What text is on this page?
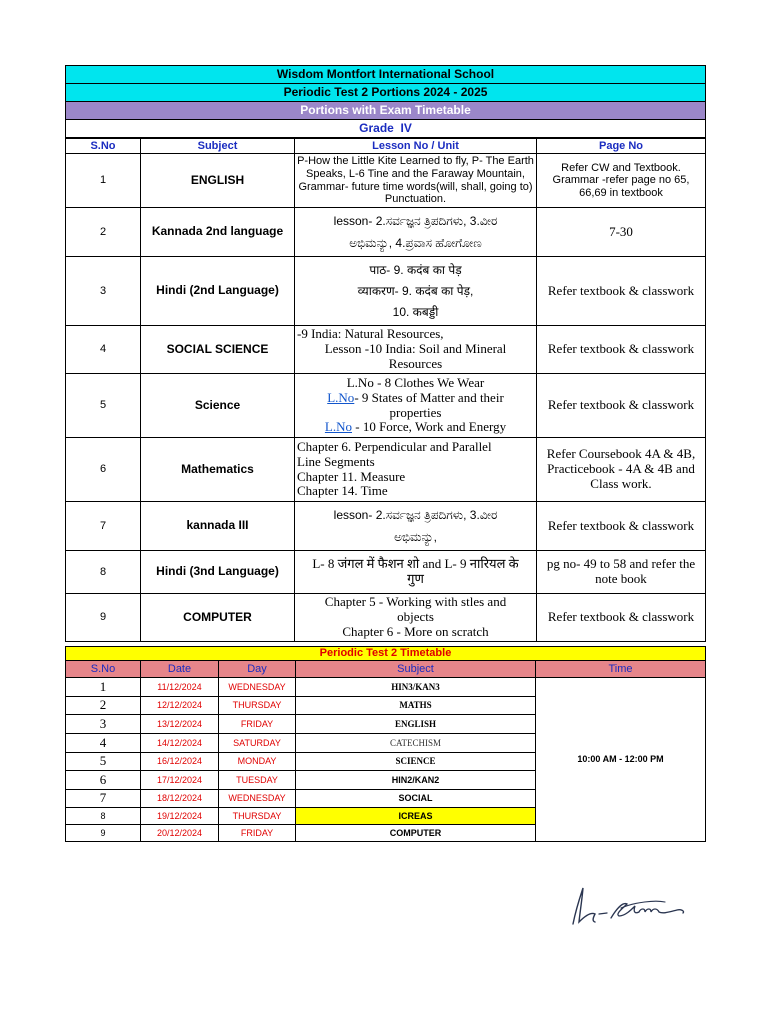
Wisdom Montfort International School
Periodic Test 2 Portions 2024 - 2025
Portions with Exam Timetable
Grade  IV
S.No	Subject	Lesson No / Unit	Page No
1	ENGLISH	P-How the Little Kite Learned to fly, P- The Earth Speaks, L-6 Tine and the Faraway Mountain, Grammar- future time words(will, shall, going to) Punctuation.	Refer CW and Textbook. Grammar -refer page no 65, 66,69 in textbook
2	Kannada 2nd language	lesson- 2.ಸರ್ವಜ್ಞನ ತ್ರಿಪದಿಗಳು, 3.ವೀರ
ಅಭಿಮನ್ಯು, 4.ಪ್ರವಾಸ ಹೋಗೋಣ	7-30
3	Hindi (2nd Language)	पाठ- 9. कदंब का पेड़
व्याकरण- 9. कदंब का पेड़,
10. कबड्डी	Refer textbook & classwork
4	SOCIAL SCIENCE	-9 India: Natural Resources,
Lesson -10 India: Soil and Mineral
Resources	Refer textbook & classwork
5	Science	L.No - 8 Clothes We Wear
L.No- 9 States of Matter and their
properties
L.No - 10 Force, Work and Energy	Refer textbook & classwork
6	Mathematics	Chapter 6. Perpendicular and Parallel
Line Segments
Chapter 11. Measure
Chapter 14. Time	Refer Coursebook 4A & 4B, Practicebook - 4A & 4B and Class work.
7	kannada III	lesson- 2.ಸರ್ವಜ್ಞನ ತ್ರಿಪದಿಗಳು, 3.ವೀರ
ಅಭಿಮನ್ಯು,	Refer textbook & classwork
8	Hindi (3nd Language)	L- 8 जंगल में फैशन शो and L- 9 नारियल के
गुण	pg no- 49 to 58 and refer the note book
9	COMPUTER	Chapter 5 - Working with stles and
objects
Chapter 6 - More on scratch	Refer textbook & classwork
Periodic Test 2 Timetable				
S.No	Date	Day	Subject	Time
1	11/12/2024	WEDNESDAY	HIN3/KAN3	10:00 AM - 12:00 PM
2	12/12/2024	THURSDAY	MATHS	
3	13/12/2024	FRIDAY	ENGLISH	
4	14/12/2024	SATURDAY	CATECHISM	
5	16/12/2024	MONDAY	SCIENCE	
6	17/12/2024	TUESDAY	HIN2/KAN2	
7	18/12/2024	WEDNESDAY	SOCIAL	
8	19/12/2024	THURSDAY	ICREAS	
9	20/12/2024	FRIDAY	COMPUTER	
